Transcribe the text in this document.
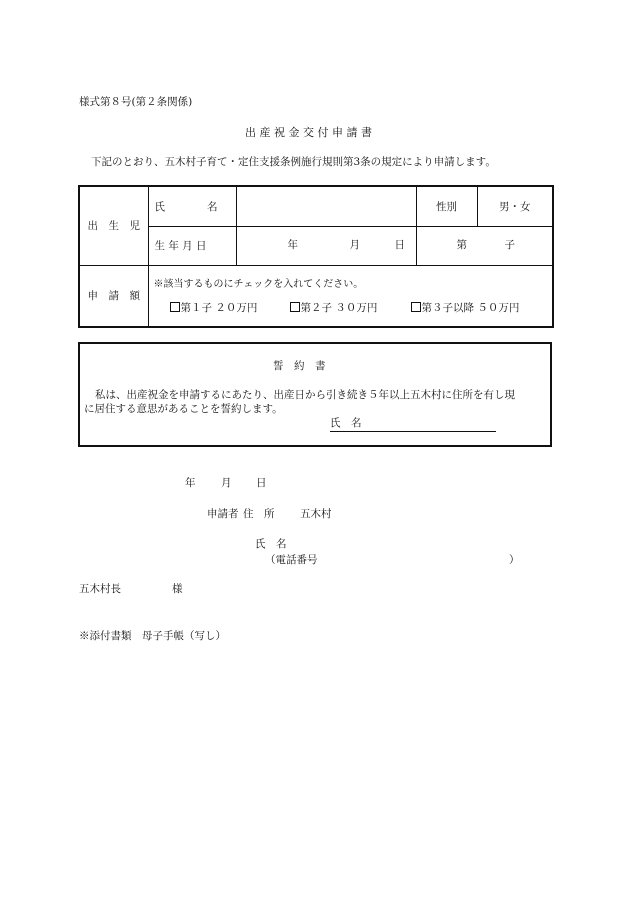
様式第８号(第２条関係)
出 産 祝 金 交 付 申 請 書
下記のとおり、五木村子育て・定住支援条例施行規則第3条の規定により申請します。
出　生　児	氏　　　　名		性別	男・女
	生 年 月 日	年 月 日	第 子	

申　請　額	※該当するものにチェックを入れてください。
第１子 ２０万円 第２子 ３０万円 第３子以降 ５０万円			
誓　約　書
私は、出産祝金を申請するにあたり、出産日から引き続き５年以上五木村に住所を有し現
に居住する意思があることを誓約します。
氏　名
年 月 日
申請者 住　所 五木村
氏　名
（電話番号	）
五木村長	様
※添付書類　母子手帳（写し）
